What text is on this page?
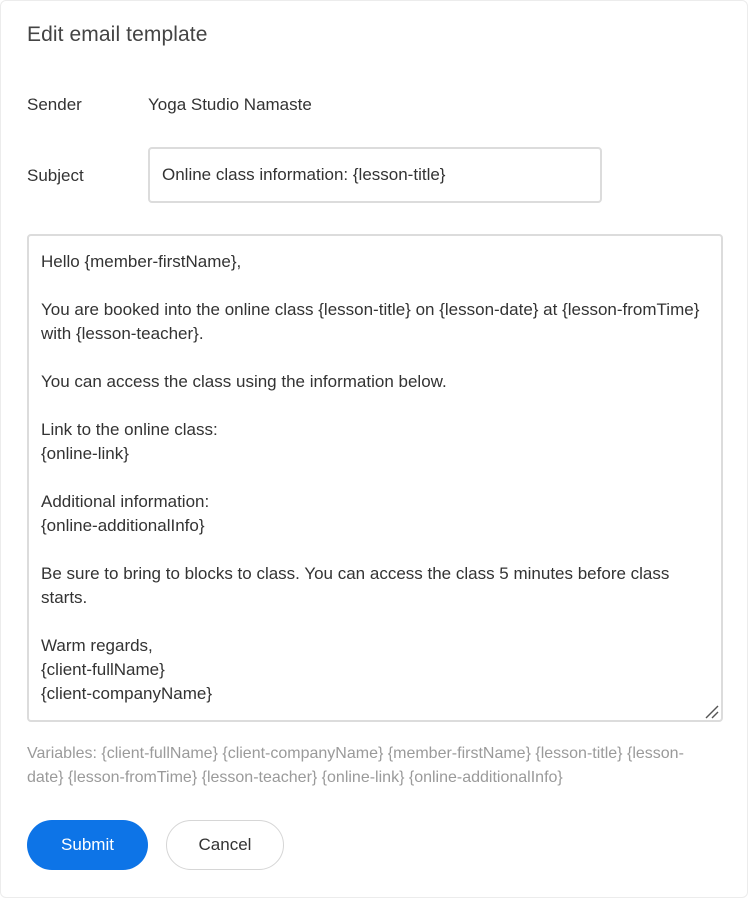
Edit email template
Sender	Yoga Studio Namaste
Subject
Online class information: {lesson-title}
Hello {member-firstName}, You are booked into the online class {lesson-title} on {lesson-date} at {lesson-fromTime} with {lesson-teacher}. You can access the class using the information below. Link to the online class: {online-link} Additional information: {online-additionalInfo} Be sure to bring to blocks to class. You can access the class 5 minutes before class starts. Warm regards, {client-fullName} {client-companyName}
Variables: {client-fullName} {client-companyName} {member-firstName} {lesson-title} {lesson-date} {lesson-fromTime} {lesson-teacher} {online-link} {online-additionalInfo}
Submit	Cancel
